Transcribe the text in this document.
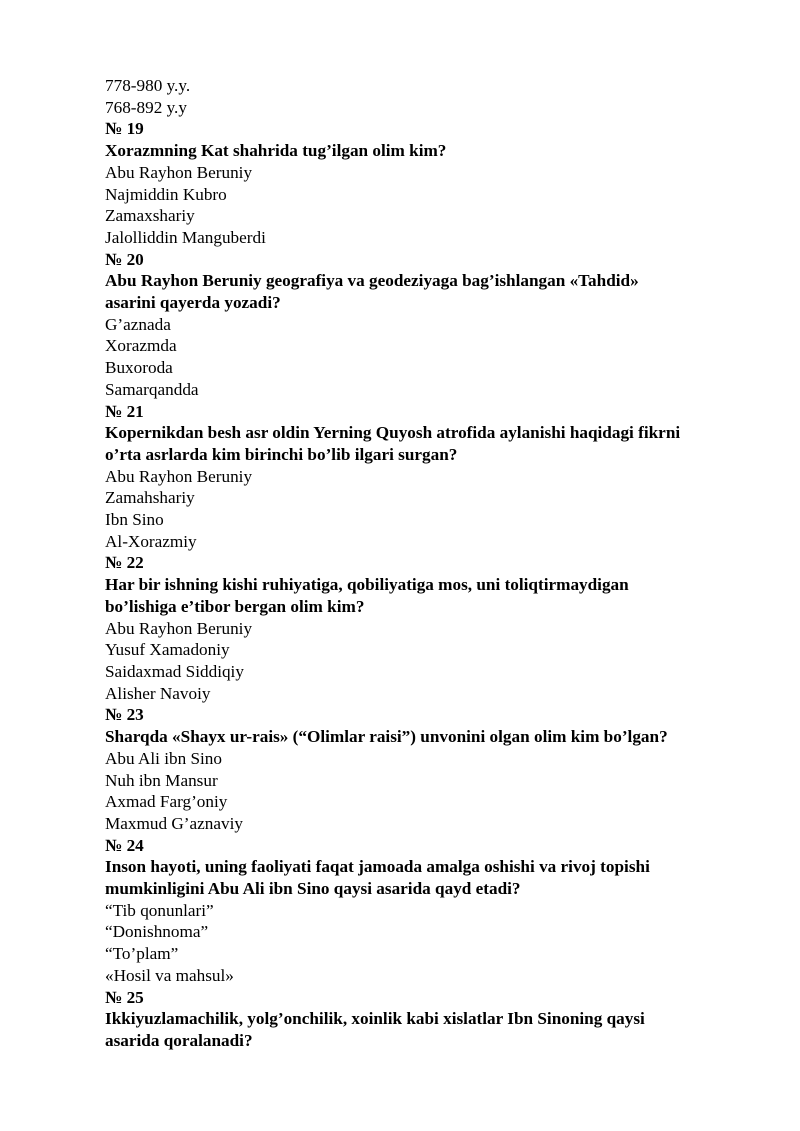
778-980 y.y.
768-892 y.y
№ 19
Xorazmning Kat shahrida tug’ilgan olim kim?
Abu Rayhon Beruniy
Najmiddin Kubro
Zamaxshariy
Jalolliddin Manguberdi
№ 20
Abu Rayhon Beruniy geografiya va geodeziyaga bag’ishlangan «Tahdid»
asarini qayerda yozadi?
G’aznada
Xorazmda
Buxoroda
Samarqandda
№ 21
Kopernikdan besh asr oldin Yerning Quyosh atrofida aylanishi haqidagi fikrni
o’rta asrlarda kim birinchi bo’lib ilgari surgan?
Abu Rayhon Beruniy
Zamahshariy
Ibn Sino
Al-Xorazmiy
№ 22
Har bir ishning kishi ruhiyatiga, qobiliyatiga mos, uni toliqtirmaydigan
bo’lishiga e’tibor bergan olim kim?
Abu Rayhon Beruniy
Yusuf Xamadoniy
Saidaxmad Siddiqiy
Alisher Navoiy
№ 23
Sharqda «Shayx ur-rais» (“Olimlar raisi”) unvonini olgan olim kim bo’lgan?
Abu Ali ibn Sino
Nuh ibn Mansur
Axmad Farg’oniy
Maxmud G’aznaviy
№ 24
Inson hayoti, uning faoliyati faqat jamoada amalga oshishi va rivoj topishi
mumkinligini Abu Ali ibn Sino qaysi asarida qayd etadi?
“Tib qonunlari”
“Donishnoma”
“To’plam”
«Hosil va mahsul»
№ 25
Ikkiyuzlamachilik, yolg’onchilik, xoinlik kabi xislatlar Ibn Sinoning qaysi
asarida qoralanadi?
